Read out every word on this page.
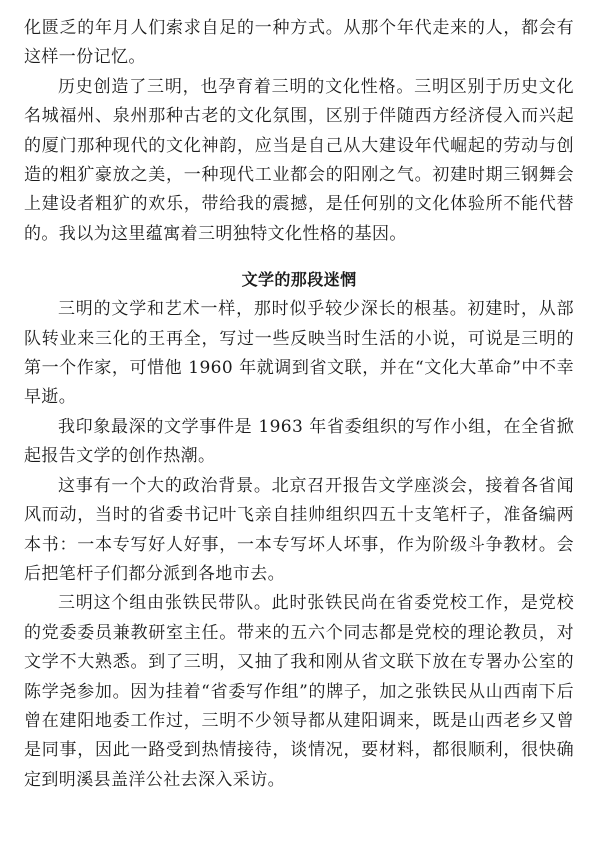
化匮乏的年月人们索求自足的一种方式。从那个年代走来的人，都会有这样一份记忆。

历史创造了三明，也孕育着三明的文化性格。三明区别于历史文化名城福州、泉州那种古老的文化氛围，区别于伴随西方经济侵入而兴起的厦门那种现代的文化神韵，应当是自己从大建设年代崛起的劳动与创造的粗犷豪放之美，一种现代工业都会的阳刚之气。初建时期三钢舞会上建设者粗犷的欢乐，带给我的震撼，是任何别的文化体验所不能代替的。我以为这里蕴寓着三明独特文化性格的基因。

文学的那段迷惘

三明的文学和艺术一样，那时似乎较少深长的根基。初建时，从部队转业来三化的王再全，写过一些反映当时生活的小说，可说是三明的第一个作家，可惜他 1960 年就调到省文联，并在“文化大革命”中不幸早逝。

我印象最深的文学事件是 1963 年省委组织的写作小组，在全省掀起报告文学的创作热潮。

这事有一个大的政治背景。北京召开报告文学座淡会，接着各省闻风而动，当时的省委书记叶飞亲自挂帅组织四五十支笔杆子，准备编两本书：一本专写好人好事，一本专写坏人坏事，作为阶级斗争教材。会后把笔杆子们都分派到各地市去。

三明这个组由张铁民带队。此时张铁民尚在省委党校工作，是党校的党委委员兼教研室主任。带来的五六个同志都是党校的理论教员，对文学不大熟悉。到了三明，又抽了我和刚从省文联下放在专署办公室的陈学尧参加。因为挂着“省委写作组”的牌子，加之张铁民从山西南下后曾在建阳地委工作过，三明不少领导都从建阳调来，既是山西老乡又曾是同事，因此一路受到热情接待，谈情况，要材料，都很顺利，很快确定到明溪县盖洋公社去深入采访。
